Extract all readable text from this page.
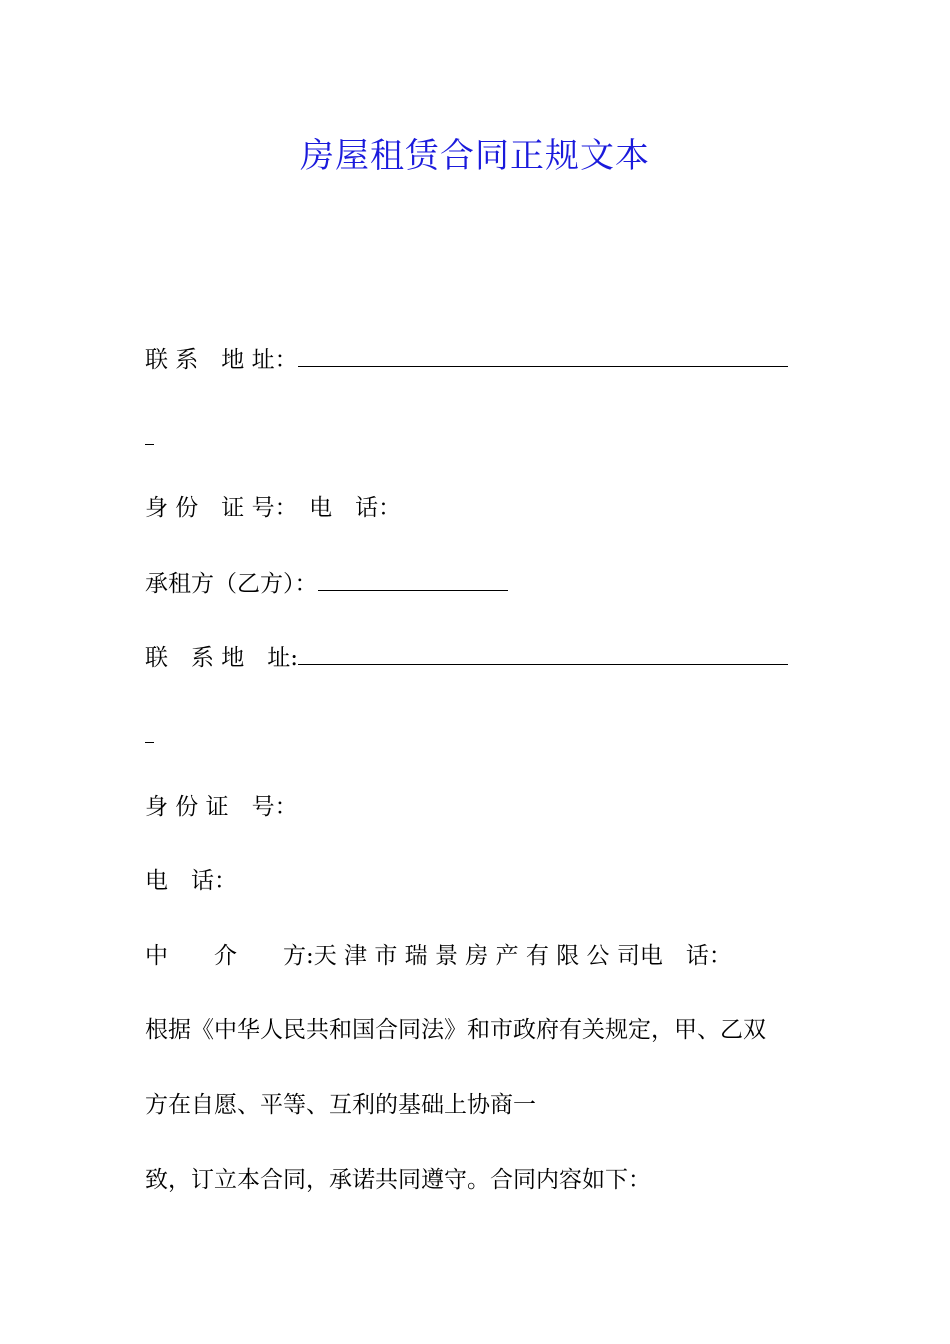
房屋租赁合同正规文本
联 系　地 址：
身 份　证 号：　电　话：
承租方（乙方）：
联　系 地　址:
身 份 证　号：
电　话：
中　　介　　方:天 津 市 瑞 景 房 产 有 限 公 司电　话：
根据《中华人民共和国合同法》和市政府有关规定，甲、乙双
方在自愿、平等、互利的基础上协商一
致，订立本合同，承诺共同遵守。合同内容如下：
